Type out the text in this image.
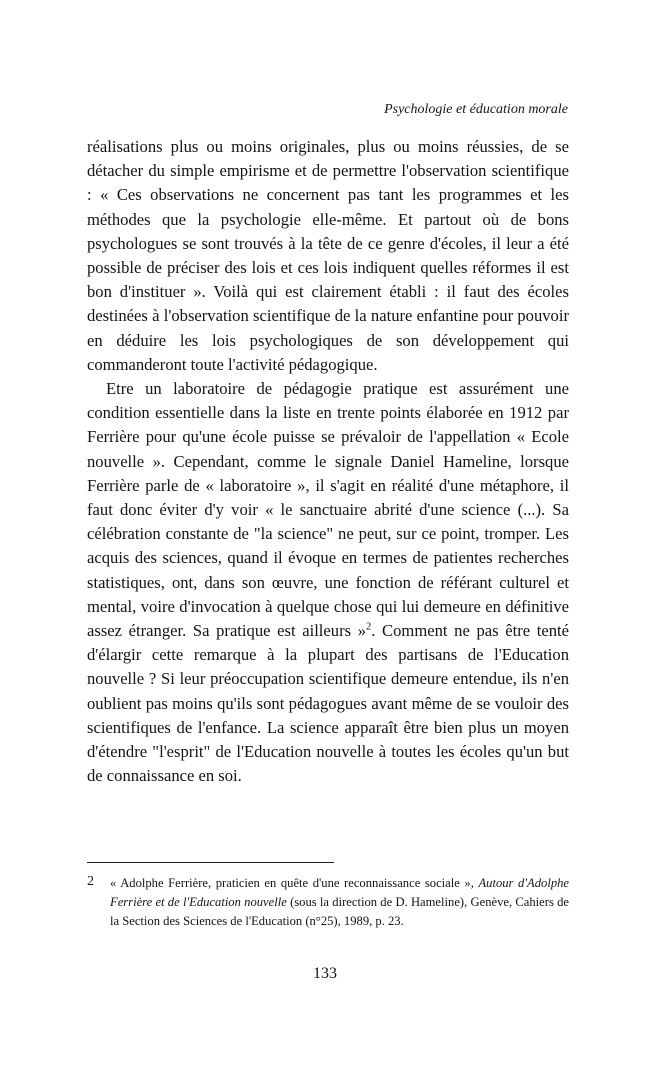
Psychologie et éducation morale

réalisations plus ou moins originales, plus ou moins réussies, de se détacher du simple empirisme et de permettre l'observation scientifique : « Ces observations ne concernent pas tant les programmes et les méthodes que la psychologie elle-même. Et partout où de bons psychologues se sont trouvés à la tête de ce genre d'écoles, il leur a été possible de préciser des lois et ces lois indiquent quelles réformes il est bon d'instituer ». Voilà qui est clairement établi : il faut des écoles destinées à l'observation scientifique de la nature enfantine pour pouvoir en déduire les lois psychologiques de son développement qui commanderont toute l'activité pédagogique.

Etre un laboratoire de pédagogie pratique est assurément une condition essentielle dans la liste en trente points élaborée en 1912 par Ferrière pour qu'une école puisse se prévaloir de l'appellation « Ecole nouvelle ». Cependant, comme le signale Daniel Hameline, lorsque Ferrière parle de « laboratoire », il s'agit en réalité d'une métaphore, il faut donc éviter d'y voir « le sanctuaire abrité d'une science (...). Sa célébration constante de "la science" ne peut, sur ce point, tromper. Les acquis des sciences, quand il évoque en termes de patientes recherches statistiques, ont, dans son œuvre, une fonction de référant culturel et mental, voire d'invocation à quelque chose qui lui demeure en définitive assez étranger. Sa pratique est ailleurs »$^2$. Comment ne pas être tenté d'élargir cette remarque à la plupart des partisans de l'Education nouvelle ? Si leur préoccupation scientifique demeure entendue, ils n'en oublient pas moins qu'ils sont pédagogues avant même de se vouloir des scientifiques de l'enfance. La science apparaît être bien plus un moyen d'étendre "l'esprit" de l'Education nouvelle à toutes les écoles qu'un but de connaissance en soi.

2 « Adolphe Ferrière, praticien en quête d'une reconnaissance sociale », Autour d'Adolphe Ferrière et de l'Education nouvelle (sous la direction de D. Hameline), Genève, Cahiers de la Section des Sciences de l'Education (n°25), 1989, p. 23.
133
